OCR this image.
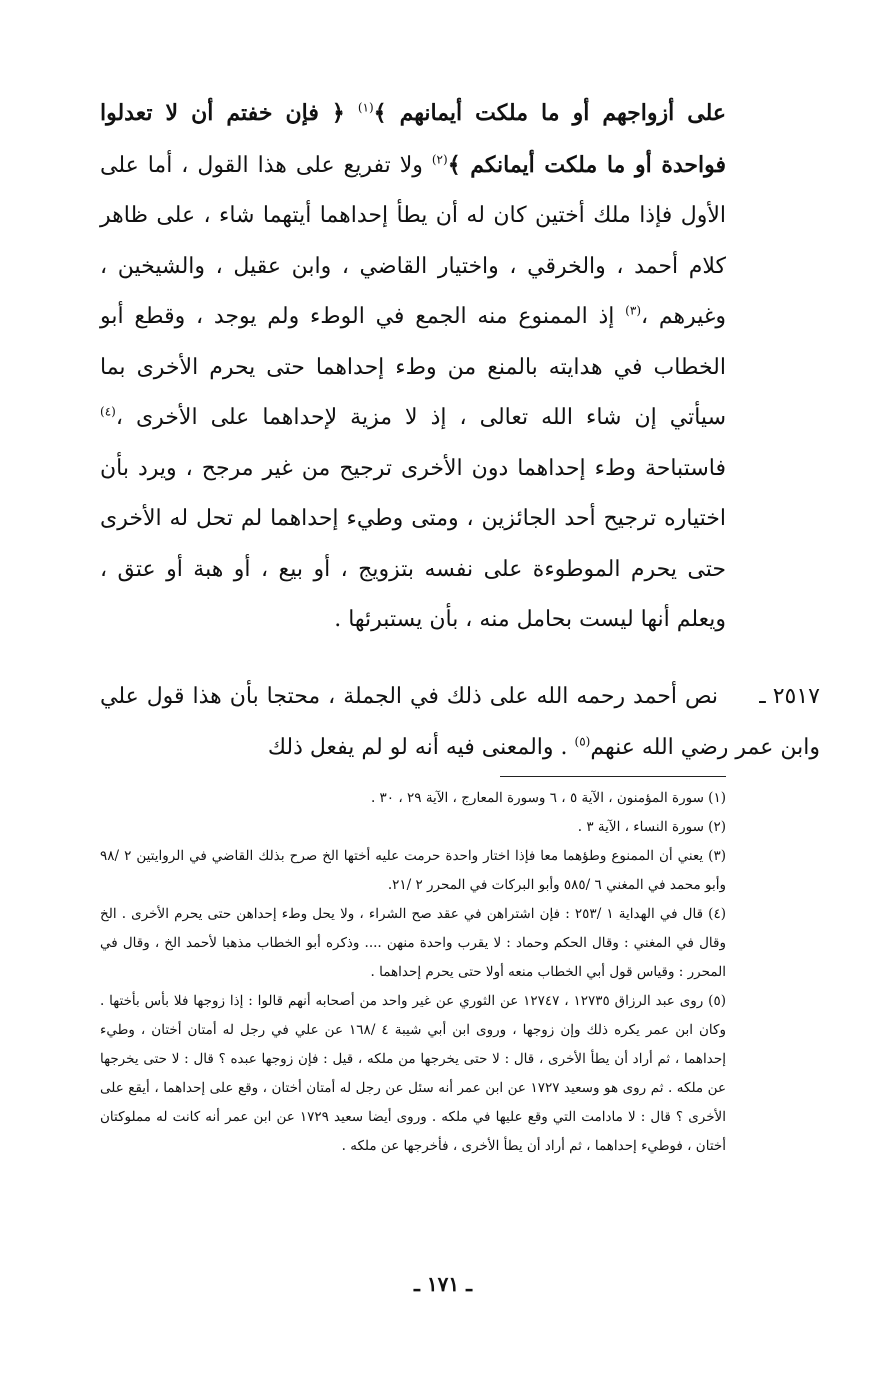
على أزواجهم أو ما ملكت أيمانهم ﴾$^{(١)}$ ﴿ فإن خفتم أن لا تعدلوا فواحدة أو ما ملكت أيمانكم ﴾$^{(٢)}$ ولا تفريع على هذا القول ، أما على الأول فإذا ملك أختين كان له أن يطأ إحداهما أيتهما شاء ، على ظاهر كلام أحمد ، والخرقي ، واختيار القاضي ، وابن عقيل ، والشيخين ، وغيرهم ،$^{(٣)}$ إذ الممنوع منه الجمع في الوطء ولم يوجد ، وقطع أبو الخطاب في هدايته بالمنع من وطء إحداهما حتى يحرم الأخرى بما سيأتي إن شاء الله تعالى ، إذ لا مزية لإحداهما على الأخرى ،$^{(٤)}$ فاستباحة وطء إحداهما دون الأخرى ترجيح من غير مرجح ، ويرد بأن اختياره ترجيح أحد الجائزين ، ومتى وطيء إحداهما لم تحل له الأخرى حتى يحرم الموطوءة على نفسه بتزويج ، أو بيع ، أو هبة أو عتق ، ويعلم أنها ليست بحامل منه ، بأن يستبرئها .

٢٥١٧ ـ نص أحمد رحمه الله على ذلك في الجملة ، محتجا بأن هذا قول علي وابن عمر رضي الله عنهم$^{(٥)}$ . والمعنى فيه أنه لو لم يفعل ذلك

(١) سورة المؤمنون ، الآية ٥ ، ٦ وسورة المعارج ، الآية ٢٩ ، ٣٠ .

(٢) سورة النساء ، الآية ٣ .

(٣) يعني أن الممنوع وطؤهما معا فإذا اختار واحدة حرمت عليه أختها الخ صرح بذلك القاضي في الروايتين ٢ /٩٨ وأبو محمد في المغني ٦ /٥٨٥ وأبو البركات في المحرر ٢ /٢١.

(٤) قال في الهداية ١ /٢٥٣ : فإن اشتراهن في عقد صح الشراء ، ولا يحل وطء إحداهن حتى يحرم الأخرى . الخ وقال في المغني : وقال الحكم وحماد : لا يقرب واحدة منهن .... وذكره أبو الخطاب مذهبا لأحمد الخ ، وقال في المحرر : وقياس قول أبي الخطاب منعه أولا حتى يحرم إحداهما .

(٥) روى عبد الرزاق ١٢٧٣٥ ، ١٢٧٤٧ عن الثوري عن غير واحد من أصحابه أنهم قالوا : إذا زوجها فلا بأس بأختها . وكان ابن عمر يكره ذلك وإن زوجها ، وروى ابن أبي شيبة ٤ /١٦٨ عن علي في رجل له أمتان أختان ، وطيء إحداهما ، ثم أراد أن يطأ الأخرى ، قال : لا حتى يخرجها من ملكه ، قيل : فإن زوجها عبده ؟ قال : لا حتى يخرجها عن ملكه . ثم روى هو وسعيد ١٧٢٧ عن ابن عمر أنه سئل عن رجل له أمتان أختان ، وقع على إحداهما ، أيقع على الأخرى ؟ قال : لا مادامت التي وقع عليها في ملكه . وروى أيضا سعيد ١٧٢٩ عن ابن عمر أنه كانت له مملوكتان أختان ، فوطيء إحداهما ، ثم أراد أن يطأ الأخرى ، فأخرجها عن ملكه .

ـ ١٧١ ـ
